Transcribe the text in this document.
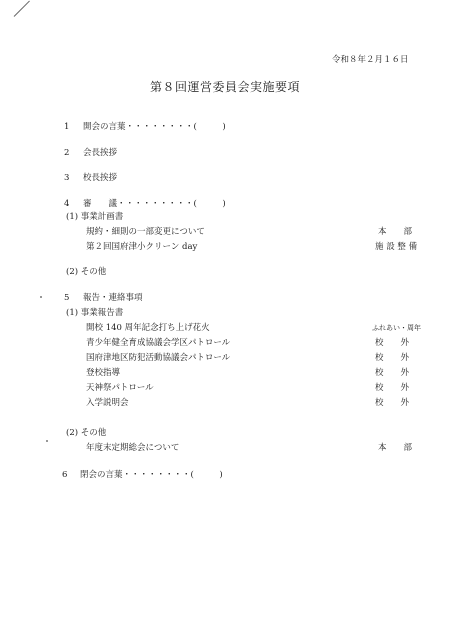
令和８年２月１６日
第８回運営委員会実施要項
1 開会の言葉・・・・・・・・(　　　)
2 会長挨拶
3 校長挨拶
4 審　　議・・・・・・・・・(　　　)
(1) 事業計画書
規約・細則の一部変更について	本　　部
第２回国府津小クリーン day	施 設 整 備
(2) その他
5 報告・連絡事項
(1) 事業報告書
開校 140 周年記念打ち上げ花火	ふれあい・周年
青少年健全育成協議会学区パトロール	校　　外
国府津地区防犯活動協議会パトロール	校　　外
登校指導	校　　外
天神祭パトロール	校　　外
入学説明会	校　　外
(2) その他
年度末定期総会について	本　　部
6 閉会の言葉・・・・・・・・(　　　)
